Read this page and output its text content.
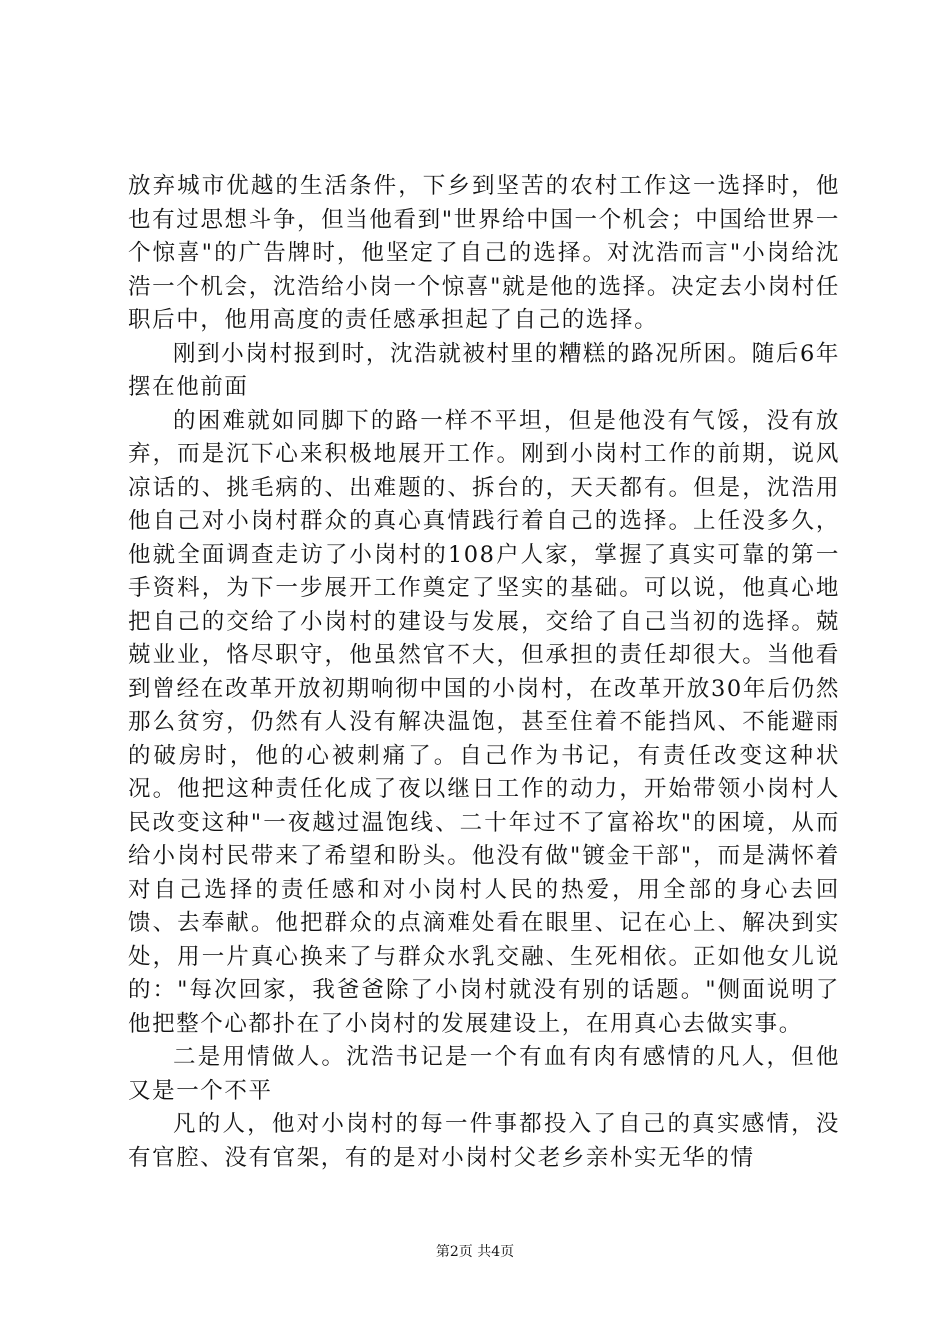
放弃城市优越的生活条件，下乡到坚苦的农村工作这一选择时，他也有过思想斗争，但当他看到"世界给中国一个机会；中国给世界一个惊喜"的广告牌时，他坚定了自己的选择。对沈浩而言"小岗给沈浩一个机会，沈浩给小岗一个惊喜"就是他的选择。决定去小岗村任职后中，他用高度的责任感承担起了自己的选择。

刚到小岗村报到时，沈浩就被村里的糟糕的路况所困。随后6年摆在他前面

的困难就如同脚下的路一样不平坦，但是他没有气馁，没有放弃，而是沉下心来积极地展开工作。刚到小岗村工作的前期，说风凉话的、挑毛病的、出难题的、拆台的，天天都有。但是，沈浩用他自己对小岗村群众的真心真情践行着自己的选择。上任没多久，他就全面调查走访了小岗村的108户人家，掌握了真实可靠的第一手资料，为下一步展开工作奠定了坚实的基础。可以说，他真心地把自己的交给了小岗村的建设与发展，交给了自己当初的选择。兢兢业业，恪尽职守，他虽然官不大，但承担的责任却很大。当他看到曾经在改革开放初期响彻中国的小岗村，在改革开放30年后仍然那么贫穷，仍然有人没有解决温饱，甚至住着不能挡风、不能避雨的破房时，他的心被刺痛了。自己作为书记，有责任改变这种状况。他把这种责任化成了夜以继日工作的动力，开始带领小岗村人民改变这种"一夜越过温饱线、二十年过不了富裕坎"的困境，从而给小岗村民带来了希望和盼头。他没有做"镀金干部"，而是满怀着对自己选择的责任感和对小岗村人民的热爱，用全部的身心去回馈、去奉献。他把群众的点滴难处看在眼里、记在心上、解决到实处，用一片真心换来了与群众水乳交融、生死相依。正如他女儿说的："每次回家，我爸爸除了小岗村就没有别的话题。"侧面说明了他把整个心都扑在了小岗村的发展建设上，在用真心去做实事。

二是用情做人。沈浩书记是一个有血有肉有感情的凡人，但他又是一个不平

凡的人，他对小岗村的每一件事都投入了自己的真实感情，没有官腔、没有官架，有的是对小岗村父老乡亲朴实无华的情

第2页 共4页
